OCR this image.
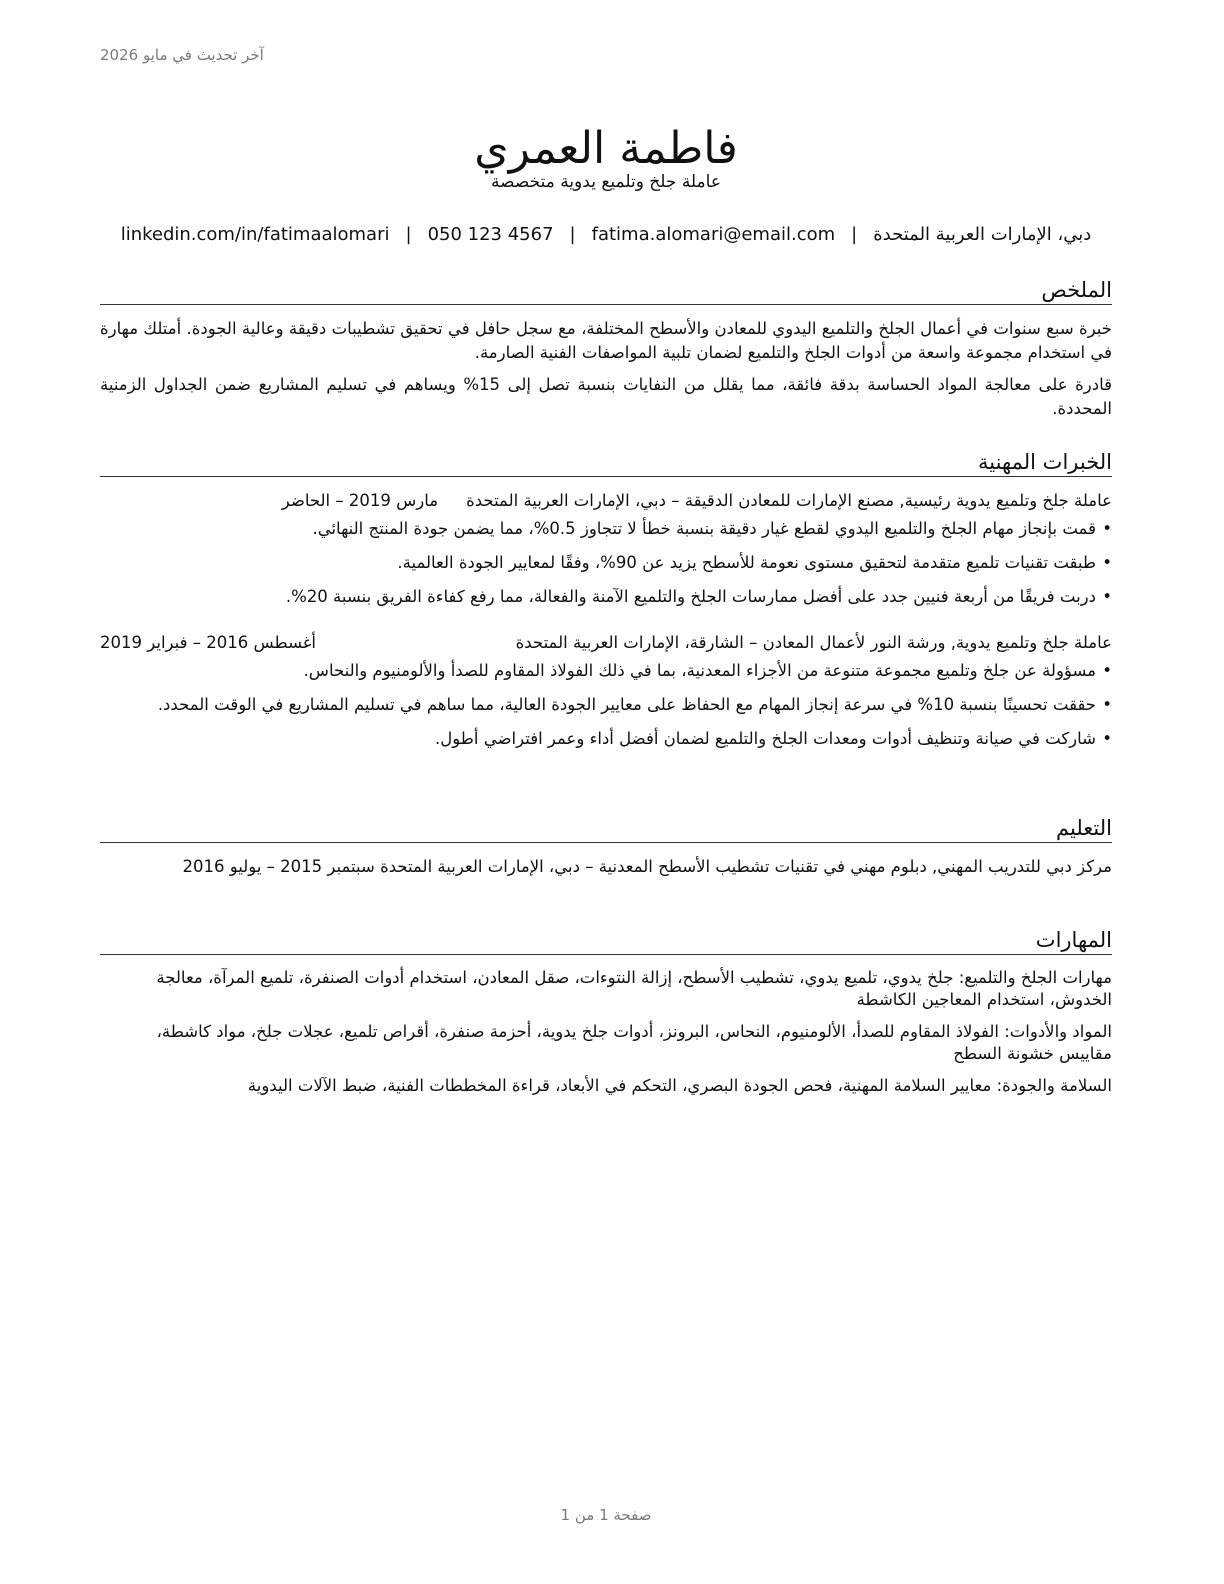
آخر تحديث في مايو 2026
فاطمة العمري
عاملة جلخ وتلميع يدوية متخصصة
دبي، الإمارات العربية المتحدة|fatima.alomari@email.com|050 123 4567|linkedin.com/in/fatimaalomari
الملخص

خبرة سبع سنوات في أعمال الجلخ والتلميع اليدوي للمعادن والأسطح المختلفة، مع سجل حافل في تحقيق تشطيبات دقيقة وعالية الجودة. أمتلك مهارة في استخدام مجموعة واسعة من أدوات الجلخ والتلميع لضمان تلبية المواصفات الفنية الصارمة.

قادرة على معالجة المواد الحساسة بدقة فائقة، مما يقلل من النفايات بنسبة تصل إلى 15% ويساهم في تسليم المشاريع ضمن الجداول الزمنية المحددة.

الخبرات المهنية
عاملة جلخ وتلميع يدوية رئيسية, مصنع الإمارات للمعادن الدقيقة – دبي، الإمارات العربية المتحدة
مارس 2019 – الحاضر
•
قمت بإنجاز مهام الجلخ والتلميع اليدوي لقطع غيار دقيقة بنسبة خطأ لا تتجاوز 0.5%، مما يضمن جودة المنتج النهائي.
•
طبقت تقنيات تلميع متقدمة لتحقيق مستوى نعومة للأسطح يزيد عن 90%، وفقًا لمعايير الجودة العالمية.
•
دربت فريقًا من أربعة فنيين جدد على أفضل ممارسات الجلخ والتلميع الآمنة والفعالة، مما رفع كفاءة الفريق بنسبة 20%.
عاملة جلخ وتلميع يدوية, ورشة النور لأعمال المعادن – الشارقة، الإمارات العربية المتحدة
أغسطس 2016 – فبراير 2019
•
مسؤولة عن جلخ وتلميع مجموعة متنوعة من الأجزاء المعدنية، بما في ذلك الفولاذ المقاوم للصدأ والألومنيوم والنحاس.
•
حققت تحسينًا بنسبة 10% في سرعة إنجاز المهام مع الحفاظ على معايير الجودة العالية، مما ساهم في تسليم المشاريع في الوقت المحدد.
•
شاركت في صيانة وتنظيف أدوات ومعدات الجلخ والتلميع لضمان أفضل أداء وعمر افتراضي أطول.
التعليم

مركز دبي للتدريب المهني, دبلوم مهني في تقنيات تشطيب الأسطح المعدنية – دبي، الإمارات العربية المتحدة سبتمبر 2015 – يوليو 2016

المهارات

مهارات الجلخ والتلميع: جلخ يدوي، تلميع يدوي، تشطيب الأسطح، إزالة النتوءات، صقل المعادن، استخدام أدوات الصنفرة، تلميع المرآة، معالجة الخدوش، استخدام المعاجين الكاشطة

المواد والأدوات: الفولاذ المقاوم للصدأ، الألومنيوم، النحاس، البرونز، أدوات جلخ يدوية، أحزمة صنفرة، أقراص تلميع، عجلات جلخ، مواد كاشطة، مقاييس خشونة السطح

السلامة والجودة: معايير السلامة المهنية، فحص الجودة البصري، التحكم في الأبعاد، قراءة المخططات الفنية، ضبط الآلات اليدوية

صفحة 1 من 1
